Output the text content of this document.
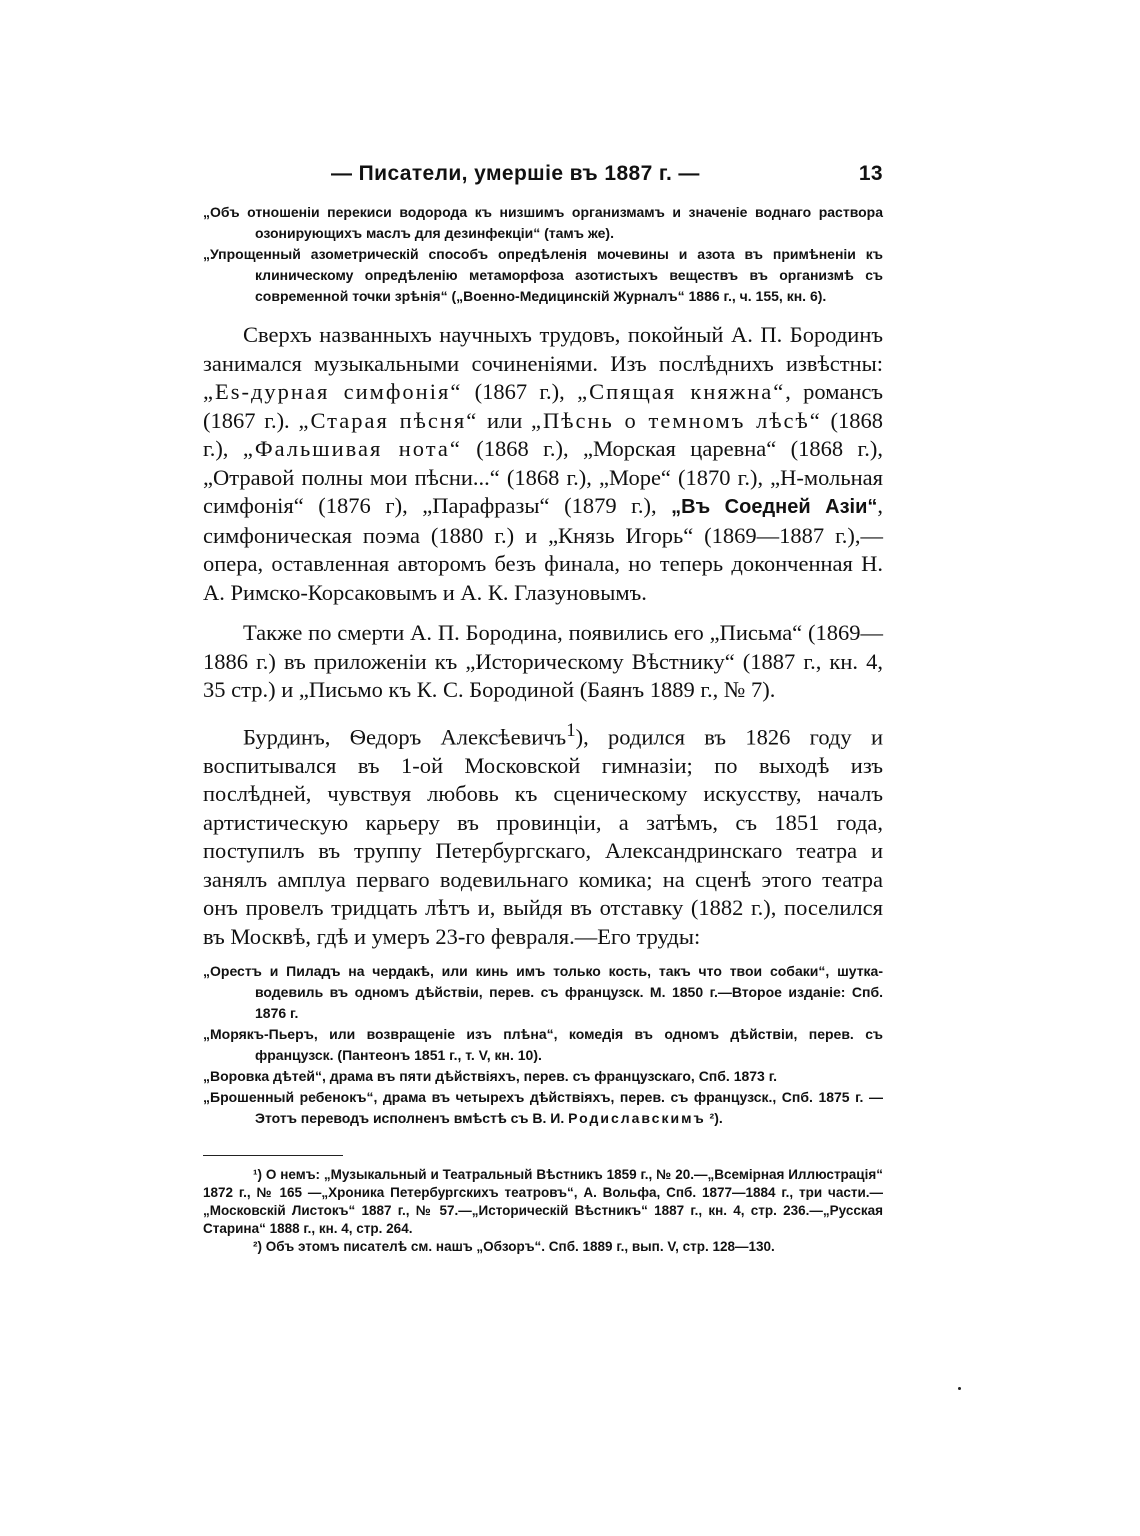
— Писатели, умершіе въ 1887 г. —	13
„Объ отношеніи перекиси водорода къ низшимъ организмамъ и значеніе воднаго раствора озонирующихъ маслъ для дезинфекціи“ (тамъ же).
„Упрощенный азометрическій способъ опредѣленія мочевины и азота въ примѣненіи къ клиническому опредѣленію метаморфоза азотистыхъ веществъ въ организмѣ съ современной точки зрѣнія“ („Военно-Медицинскій Журналъ“ 1886 г., ч. 155, кн. 6).

Сверхъ названныхъ научныхъ трудовъ, покойный А. П. Бородинъ занимался музыкальными сочиненіями. Изъ послѣднихъ извѣстны: „Es-дурная симфонія“ (1867 г.), „Спящая княжна“, романсъ (1867 г.). „Старая пѣсня“ или „Пѣснь о темномъ лѣсѣ“ (1868 г.), „Фальшивая нота“ (1868 г.), „Морская царевна“ (1868 г.), „Отравой полны мои пѣсни...“ (1868 г.), „Море“ (1870 г.), „Н-мольная симфонія“ (1876 г), „Парафразы“ (1879 г.), „Въ Соедней Азіи“, симфоническая поэма (1880 г.) и „Князь Игорь“ (1869—1887 г.),—опера, оставленная авторомъ безъ финала, но теперь доконченная Н. А. Римско-Корсаковымъ и А. К. Глазуновымъ.

Также по смерти А. П. Бородина, появились его „Письма“ (1869—1886 г.) въ приложеніи къ „Историческому Вѣстнику“ (1887 г., кн. 4, 35 стр.) и „Письмо къ К. С. Бородиной (Баянъ 1889 г., № 7).

Бурдинъ, Ѳедоръ Алексѣевичъ$^1$), родился въ 1826 году и воспитывался въ 1-ой Московской гимназіи; по выходѣ изъ послѣдней, чувствуя любовь къ сценическому искусству, началъ артистическую карьеру въ провинціи, а затѣмъ, съ 1851 года, поступилъ въ труппу Петербургскаго, Александринскаго театра и занялъ амплуа перваго водевильнаго комика; на сценѣ этого театра онъ провелъ тридцать лѣтъ и, выйдя въ отставку (1882 г.), поселился въ Москвѣ, гдѣ и умеръ 23-го февраля.—Его труды:

„Орестъ и Пиладъ на чердакѣ, или кинь имъ только кость, такъ что твои собаки“, шутка-водевиль въ одномъ дѣйствіи, перев. съ французск. М. 1850 г.—Второе изданіе: Спб. 1876 г.
„Морякъ-Пьеръ, или возвращеніе изъ плѣна“, комедія въ одномъ дѣйствіи, перев. съ французск. (Пантеонъ 1851 г., т. V, кн. 10).
„Воровка дѣтей“, драма въ пяти дѣйствіяхъ, перев. съ французскаго, Спб. 1873 г.
„Брошенный ребенокъ“, драма въ четырехъ дѣйствіяхъ, перев. съ французск., Спб. 1875 г. — Этотъ переводъ исполненъ вмѣстѣ съ В. И. Родиславскимъ ²).

¹) О немъ: „Музыкальный и Театральный Вѣстникъ 1859 г., № 20.—„Всемірная Иллюстрація“ 1872 г., № 165 —„Хроника Петербургскихъ театровъ“, А. Вольфа, Спб. 1877—1884 г., три части.—„Московскій Листокъ“ 1887 г., № 57.—„Историческій Вѣстникъ“ 1887 г., кн. 4, стр. 236.—„Русская Старина“ 1888 г., кн. 4, стр. 264.

²) Объ этомъ писателѣ см. нашъ „Обзоръ“. Спб. 1889 г., вып. V, стр. 128—130.
